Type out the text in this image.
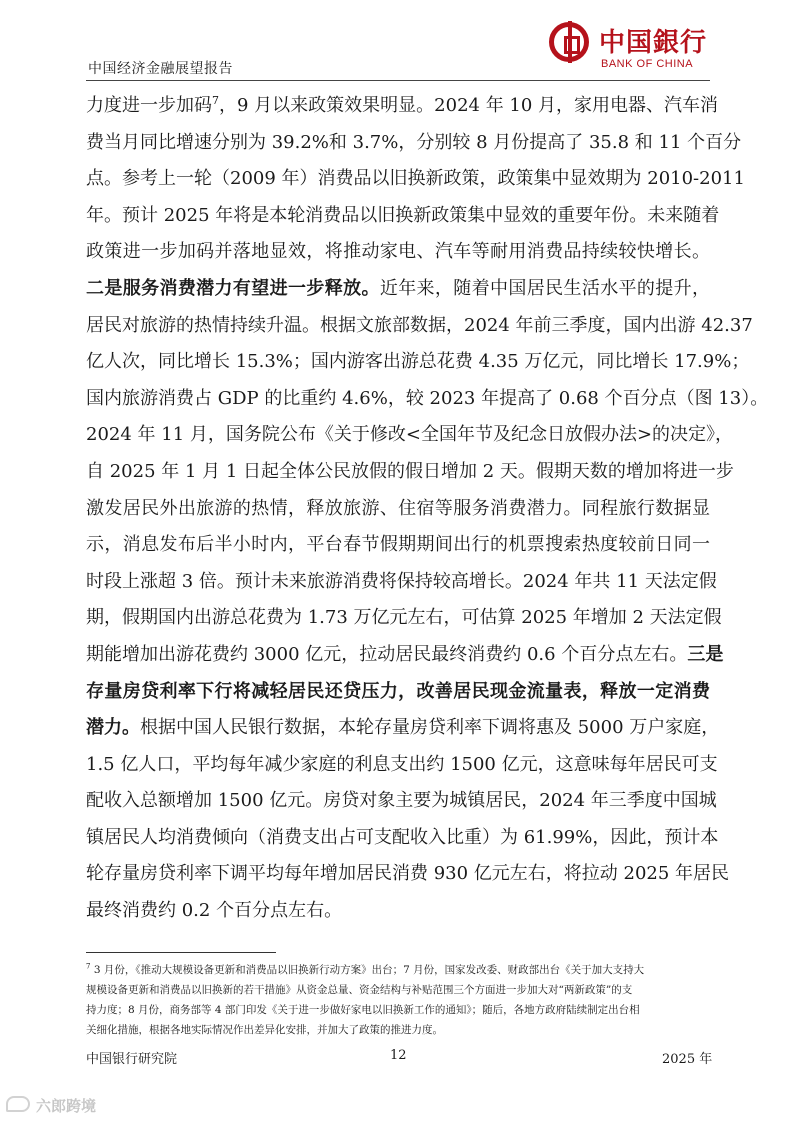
中国经济金融展望报告
中国銀行
BANK OF CHINA
力度进一步加码$^7$，9 月以来政策效果明显。2024 年 10 月，家用电器、汽车消
费当月同比增速分别为 39.2%和 3.7%，分别较 8 月份提高了 35.8 和 11 个百分
点。参考上一轮（2009 年）消费品以旧换新政策，政策集中显效期为 2010-2011
年。预计 2025 年将是本轮消费品以旧换新政策集中显效的重要年份。未来随着
政策进一步加码并落地显效，将推动家电、汽车等耐用消费品持续较快增长。
二是服务消费潜力有望进一步释放。近年来，随着中国居民生活水平的提升，
居民对旅游的热情持续升温。根据文旅部数据，2024 年前三季度，国内出游 42.37
亿人次，同比增长 15.3%；国内游客出游总花费 4.35 万亿元，同比增长 17.9%；
国内旅游消费占 GDP 的比重约 4.6%，较 2023 年提高了 0.68 个百分点（图 13）。
2024 年 11 月，国务院公布《关于修改<全国年节及纪念日放假办法>的决定》，
自 2025 年 1 月 1 日起全体公民放假的假日增加 2 天。假期天数的增加将进一步
激发居民外出旅游的热情，释放旅游、住宿等服务消费潜力。同程旅行数据显
示，消息发布后半小时内，平台春节假期期间出行的机票搜索热度较前日同一
时段上涨超 3 倍。预计未来旅游消费将保持较高增长。2024 年共 11 天法定假
期，假期国内出游总花费为 1.73 万亿元左右，可估算 2025 年增加 2 天法定假
期能增加出游花费约 3000 亿元，拉动居民最终消费约 0.6 个百分点左右。三是
存量房贷利率下行将减轻居民还贷压力，改善居民现金流量表，释放一定消费
潜力。根据中国人民银行数据，本轮存量房贷利率下调将惠及 5000 万户家庭，
1.5 亿人口，平均每年减少家庭的利息支出约 1500 亿元，这意味每年居民可支
配收入总额增加 1500 亿元。房贷对象主要为城镇居民，2024 年三季度中国城
镇居民人均消费倾向（消费支出占可支配收入比重）为 61.99%，因此，预计本
轮存量房贷利率下调平均每年增加居民消费 930 亿元左右，将拉动 2025 年居民
最终消费约 0.2 个百分点左右。
$^7$ 3 月份，《推动大规模设备更新和消费品以旧换新行动方案》出台；7 月份，国家发改委、财政部出台《关于加大支持大
规模设备更新和消费品以旧换新的若干措施》从资金总量、资金结构与补贴范围三个方面进一步加大对“两新政策”的支
持力度；8 月份，商务部等 4 部门印发《关于进一步做好家电以旧换新工作的通知》；随后，各地方政府陆续制定出台相
关细化措施，根据各地实际情况作出差异化安排，并加大了政策的推进力度。
中国银行研究院	12	2025 年
六郎跨境
